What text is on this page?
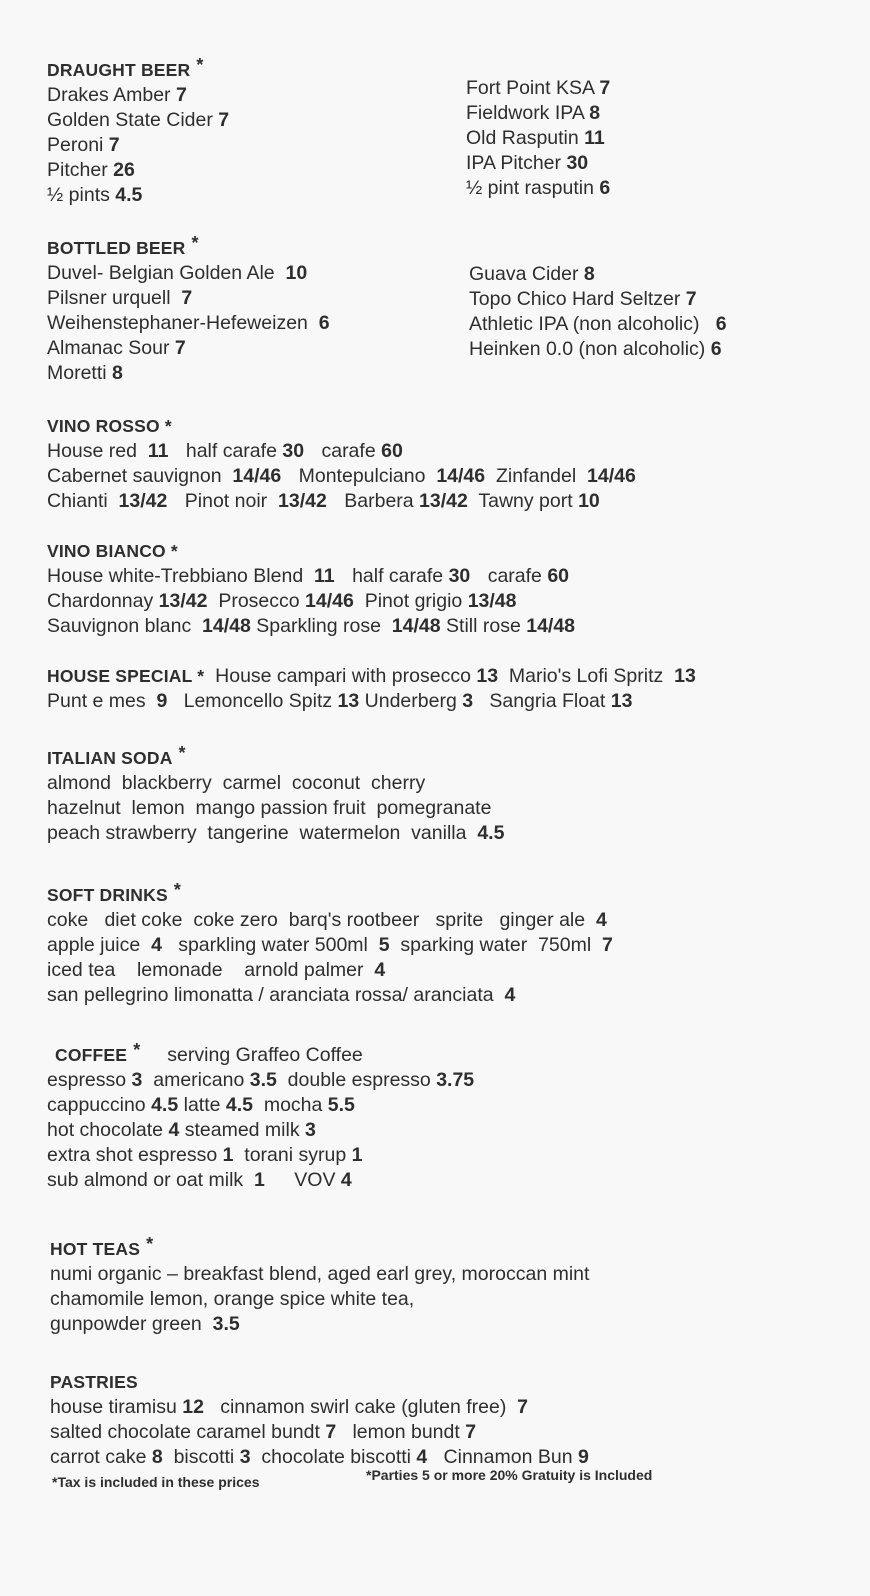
DRAUGHT BEER *
Drakes Amber 7
Golden State Cider 7
Peroni 7
Pitcher 26
½ pints 4.5
Fort Point KSA 7
Fieldwork IPA 8
Old Rasputin 11
IPA Pitcher 30
½ pint rasputin 6
BOTTLED BEER *
Duvel- Belgian Golden Ale 10
Pilsner urquell 7
Weihenstephaner-Hefeweizen 6
Almanac Sour 7
Moretti 8
Guava Cider 8
Topo Chico Hard Seltzer 7
Athletic IPA (non alcoholic) 6
Heinken 0.0 (non alcoholic) 6
VINO ROSSO *
House red 11 half carafe 30 carafe 60
Cabernet sauvignon 14/46 Montepulciano 14/46 Zinfandel 14/46
Chianti 13/42 Pinot noir 13/42 Barbera 13/42 Tawny port 10
VINO BIANCO *
House white-Trebbiano Blend 11 half carafe 30 carafe 60
Chardonnay 13/42 Prosecco 14/46 Pinot grigio 13/48
Sauvignon blanc 14/48 Sparkling rose 14/48 Still rose 14/48
HOUSE SPECIAL * House campari with prosecco 13 Mario's Lofi Spritz 13
Punt e mes 9 Lemoncello Spitz 13 Underberg 3 Sangria Float 13
ITALIAN SODA *
almond  blackberry  carmel  coconut  cherry
hazelnut  lemon  mango passion fruit  pomegranate
peach strawberry  tangerine  watermelon  vanilla 4.5
SOFT DRINKS *
coke   diet coke  coke zero  barq's rootbeer   sprite   ginger ale 4
apple juice 4 sparkling water 500ml 5 sparking water  750ml 7
iced tea    lemonade    arnold palmer 4
san pellegrino limonatta / aranciata rossa/ aranciata 4
COFFEE * serving Graffeo Coffee
espresso 3 americano 3.5 double espresso 3.75
cappuccino 4.5 latte 4.5 mocha 5.5
hot chocolate 4 steamed milk 3
extra shot espresso 1 torani syrup 1
sub almond or oat milk 1 VOV 4
HOT TEAS *
numi organic – breakfast blend, aged earl grey, moroccan mint
chamomile lemon, orange spice white tea,
gunpowder green 3.5
PASTRIES
house tiramisu 12 cinnamon swirl cake (gluten free) 7
salted chocolate caramel bundt 7 lemon bundt 7
carrot cake 8 biscotti 3 chocolate biscotti 4 Cinnamon Bun 9
*Tax is included in these prices	*Parties 5 or more 20% Gratuity is Included
